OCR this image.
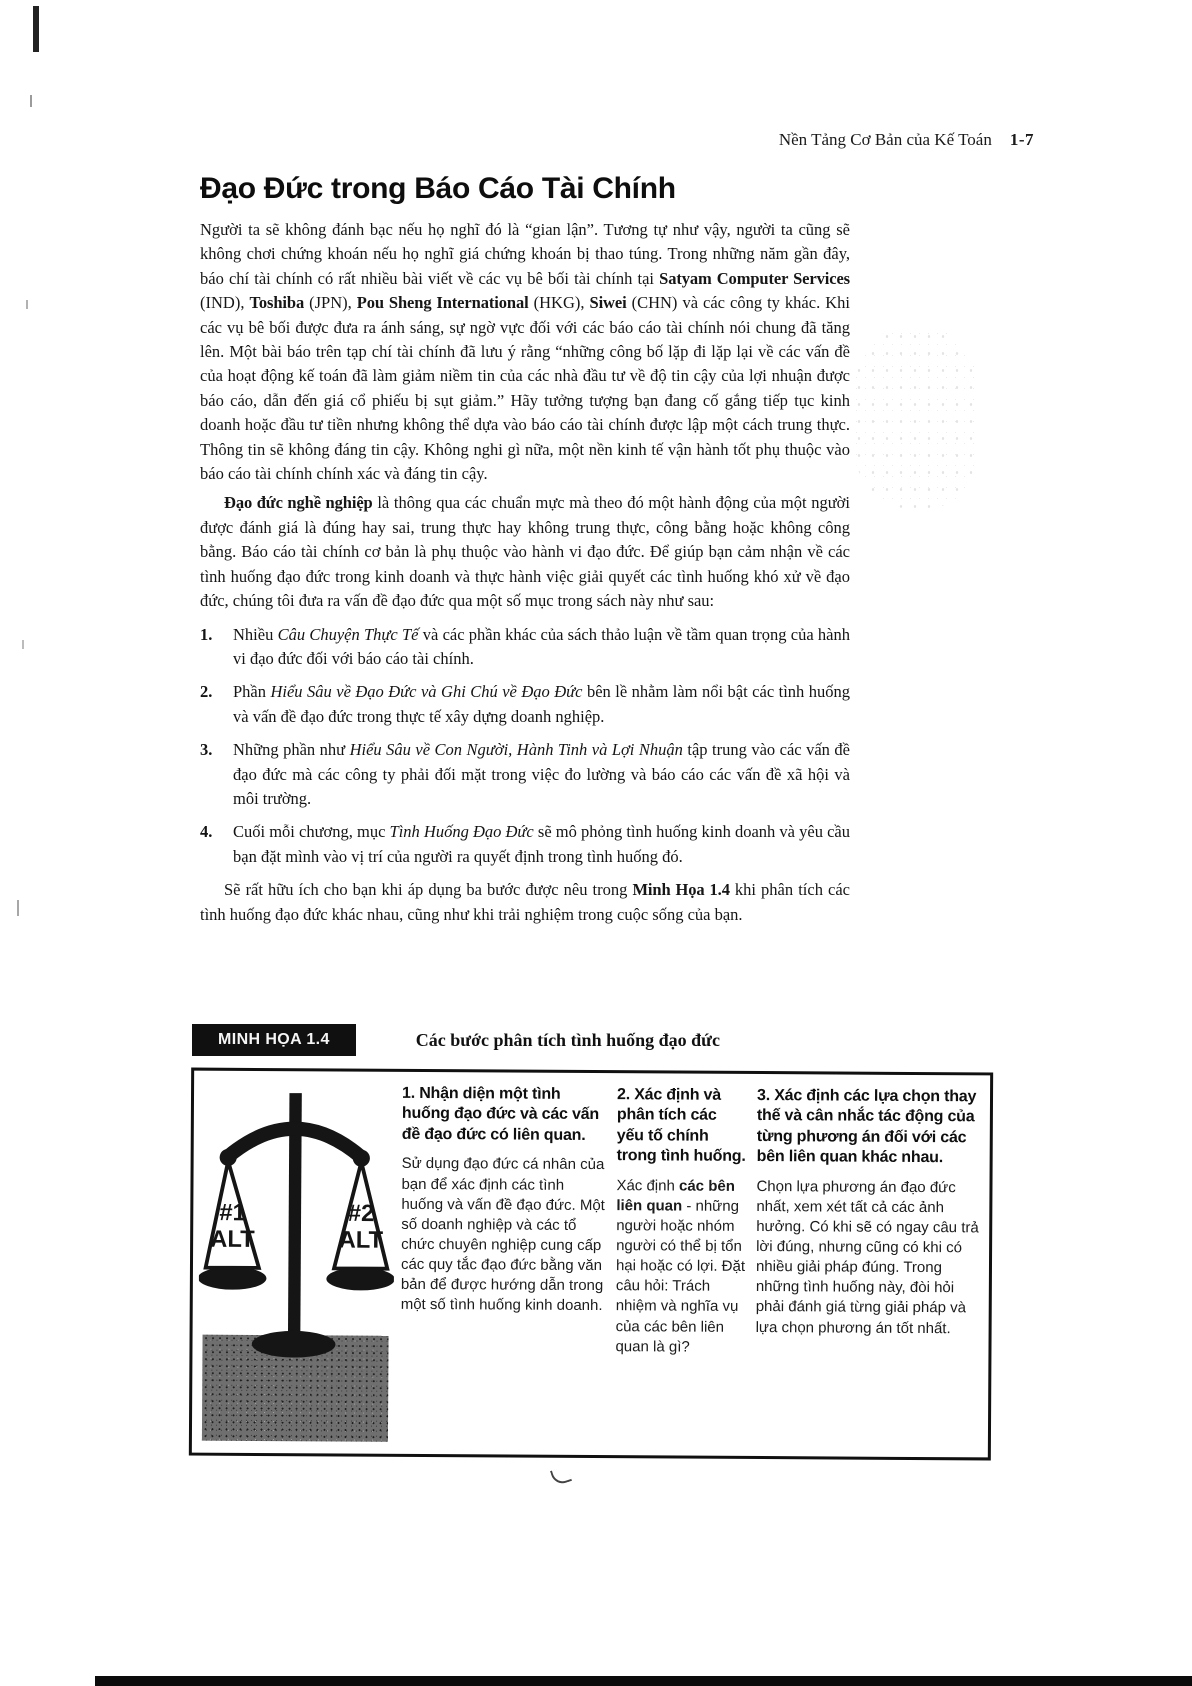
Nền Tảng Cơ Bản của Kế Toán 1-7
Đạo Đức trong Báo Cáo Tài Chính

Người ta sẽ không đánh bạc nếu họ nghĩ đó là “gian lận”. Tương tự như vậy, người ta cũng sẽ không chơi chứng khoán nếu họ nghĩ giá chứng khoán bị thao túng. Trong những năm gần đây, báo chí tài chính có rất nhiều bài viết về các vụ bê bối tài chính tại Satyam Computer Services (IND), Toshiba (JPN), Pou Sheng International (HKG), Siwei (CHN) và các công ty khác. Khi các vụ bê bối được đưa ra ánh sáng, sự ngờ vực đối với các báo cáo tài chính nói chung đã tăng lên. Một bài báo trên tạp chí tài chính đã lưu ý rằng “những công bố lặp đi lặp lại về các vấn đề của hoạt động kế toán đã làm giảm niềm tin của các nhà đầu tư về độ tin cậy của lợi nhuận được báo cáo, dẫn đến giá cổ phiếu bị sụt giảm.” Hãy tưởng tượng bạn đang cố gắng tiếp tục kinh doanh hoặc đầu tư tiền nhưng không thể dựa vào báo cáo tài chính được lập một cách trung thực. Thông tin sẽ không đáng tin cậy. Không nghi gì nữa, một nền kinh tế vận hành tốt phụ thuộc vào báo cáo tài chính chính xác và đáng tin cậy.

Đạo đức nghề nghiệp là thông qua các chuẩn mực mà theo đó một hành động của một người được đánh giá là đúng hay sai, trung thực hay không trung thực, công bằng hoặc không công bằng. Báo cáo tài chính cơ bản là phụ thuộc vào hành vi đạo đức. Để giúp bạn cảm nhận về các tình huống đạo đức trong kinh doanh và thực hành việc giải quyết các tình huống khó xử về đạo đức, chúng tôi đưa ra vấn đề đạo đức qua một số mục trong sách này như sau:

1.	Nhiều Câu Chuyện Thực Tế và các phần khác của sách thảo luận về tầm quan trọng của hành vi đạo đức đối với báo cáo tài chính.
2.	Phần Hiểu Sâu về Đạo Đức và Ghi Chú về Đạo Đức bên lề nhằm làm nổi bật các tình huống và vấn đề đạo đức trong thực tế xây dựng doanh nghiệp.
3.	Những phần như Hiểu Sâu về Con Người, Hành Tinh và Lợi Nhuận tập trung vào các vấn đề đạo đức mà các công ty phải đối mặt trong việc đo lường và báo cáo các vấn đề xã hội và môi trường.
4.	Cuối mỗi chương, mục Tình Huống Đạo Đức sẽ mô phỏng tình huống kinh doanh và yêu cầu bạn đặt mình vào vị trí của người ra quyết định trong tình huống đó.

Sẽ rất hữu ích cho bạn khi áp dụng ba bước được nêu trong Minh Họa 1.4 khi phân tích các tình huống đạo đức khác nhau, cũng như khi trải nghiệm trong cuộc sống của bạn.

MINH HỌA 1.4	Các bước phân tích tình huống đạo đức
#1
ALT
#2
ALT
1. Nhận diện một tình huống đạo đức và các vấn đề đạo đức có liên quan.
Sử dụng đạo đức cá nhân của bạn để xác định các tình huống và vấn đề đạo đức. Một số doanh nghiệp và các tổ chức chuyên nghiệp cung cấp các quy tắc đạo đức bằng văn bản để được hướng dẫn trong một số tình huống kinh doanh.
2. Xác định và phân tích các yếu tố chính trong tình huống.
Xác định các bên liên quan - những người hoặc nhóm người có thể bị tổn hại hoặc có lợi. Đặt câu hỏi: Trách nhiệm và nghĩa vụ của các bên liên quan là gì?
3. Xác định các lựa chọn thay thế và cân nhắc tác động của từng phương án đối với các bên liên quan khác nhau.
Chọn lựa phương án đạo đức nhất, xem xét tất cả các ảnh hưởng. Có khi sẽ có ngay câu trả lời đúng, nhưng cũng có khi có nhiều giải pháp đúng. Trong những tình huống này, đòi hỏi phải đánh giá từng giải pháp và lựa chọn phương án tốt nhất.
